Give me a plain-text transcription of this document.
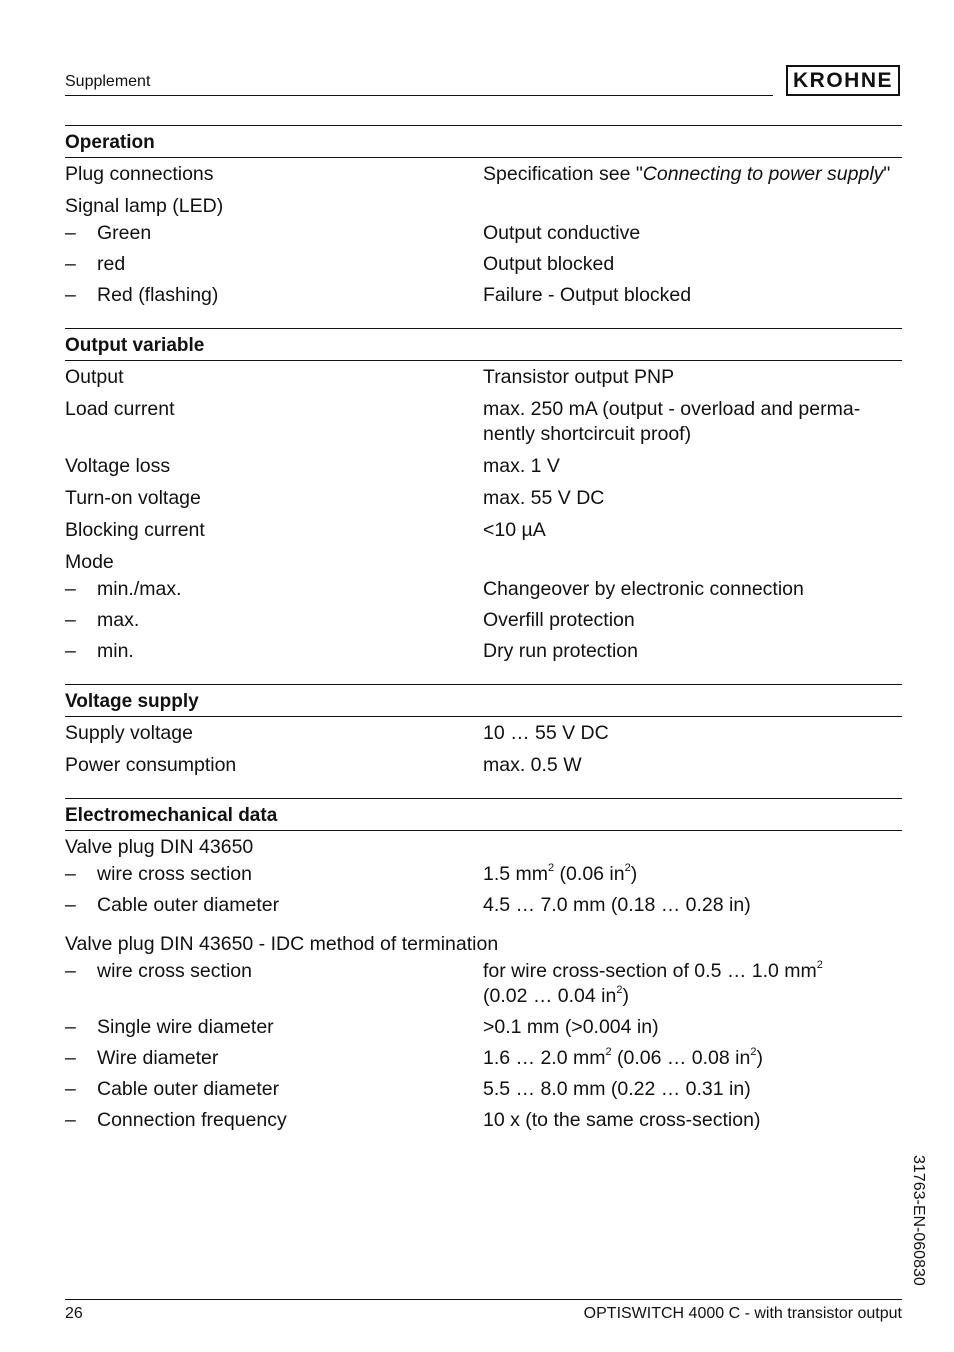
Supplement	KROHNE
Operation
Plug connections	Specification see "Connecting to power supply"
Signal lamp (LED)
–	Green	Output conductive
–	red	Output blocked
–	Red (flashing)	Failure - Output blocked
Output variable
Output	Transistor output PNP
Load current	max. 250 mA (output - overload and perma-
nently shortcircuit proof)
Voltage loss	max. 1 V
Turn-on voltage	max. 55 V DC
Blocking current	<10 µA
Mode
–	min./max.	Changeover by electronic connection
–	max.	Overfill protection
–	min.	Dry run protection
Voltage supply
Supply voltage	10 … 55 V DC
Power consumption	max. 0.5 W
Electromechanical data
Valve plug DIN 43650
–	wire cross section	1.5 $mm^2$ (0.06 $in^2$)
–	Cable outer diameter	4.5 … 7.0 mm (0.18 … 0.28 in)
Valve plug DIN 43650 - IDC method of termination
–	wire cross section	for wire cross-section of 0.5 … 1.0 $mm^2$
(0.02 … 0.04 $in^2$)
–	Single wire diameter	>0.1 mm (>0.004 in)
–	Wire diameter	1.6 … 2.0 $mm^2$ (0.06 … 0.08 $in^2$)
–	Cable outer diameter	5.5 … 8.0 mm (0.22 … 0.31 in)
–	Connection frequency	10 x (to the same cross-section)
31763-EN-060830
26	OPTISWITCH 4000 C - with transistor output
